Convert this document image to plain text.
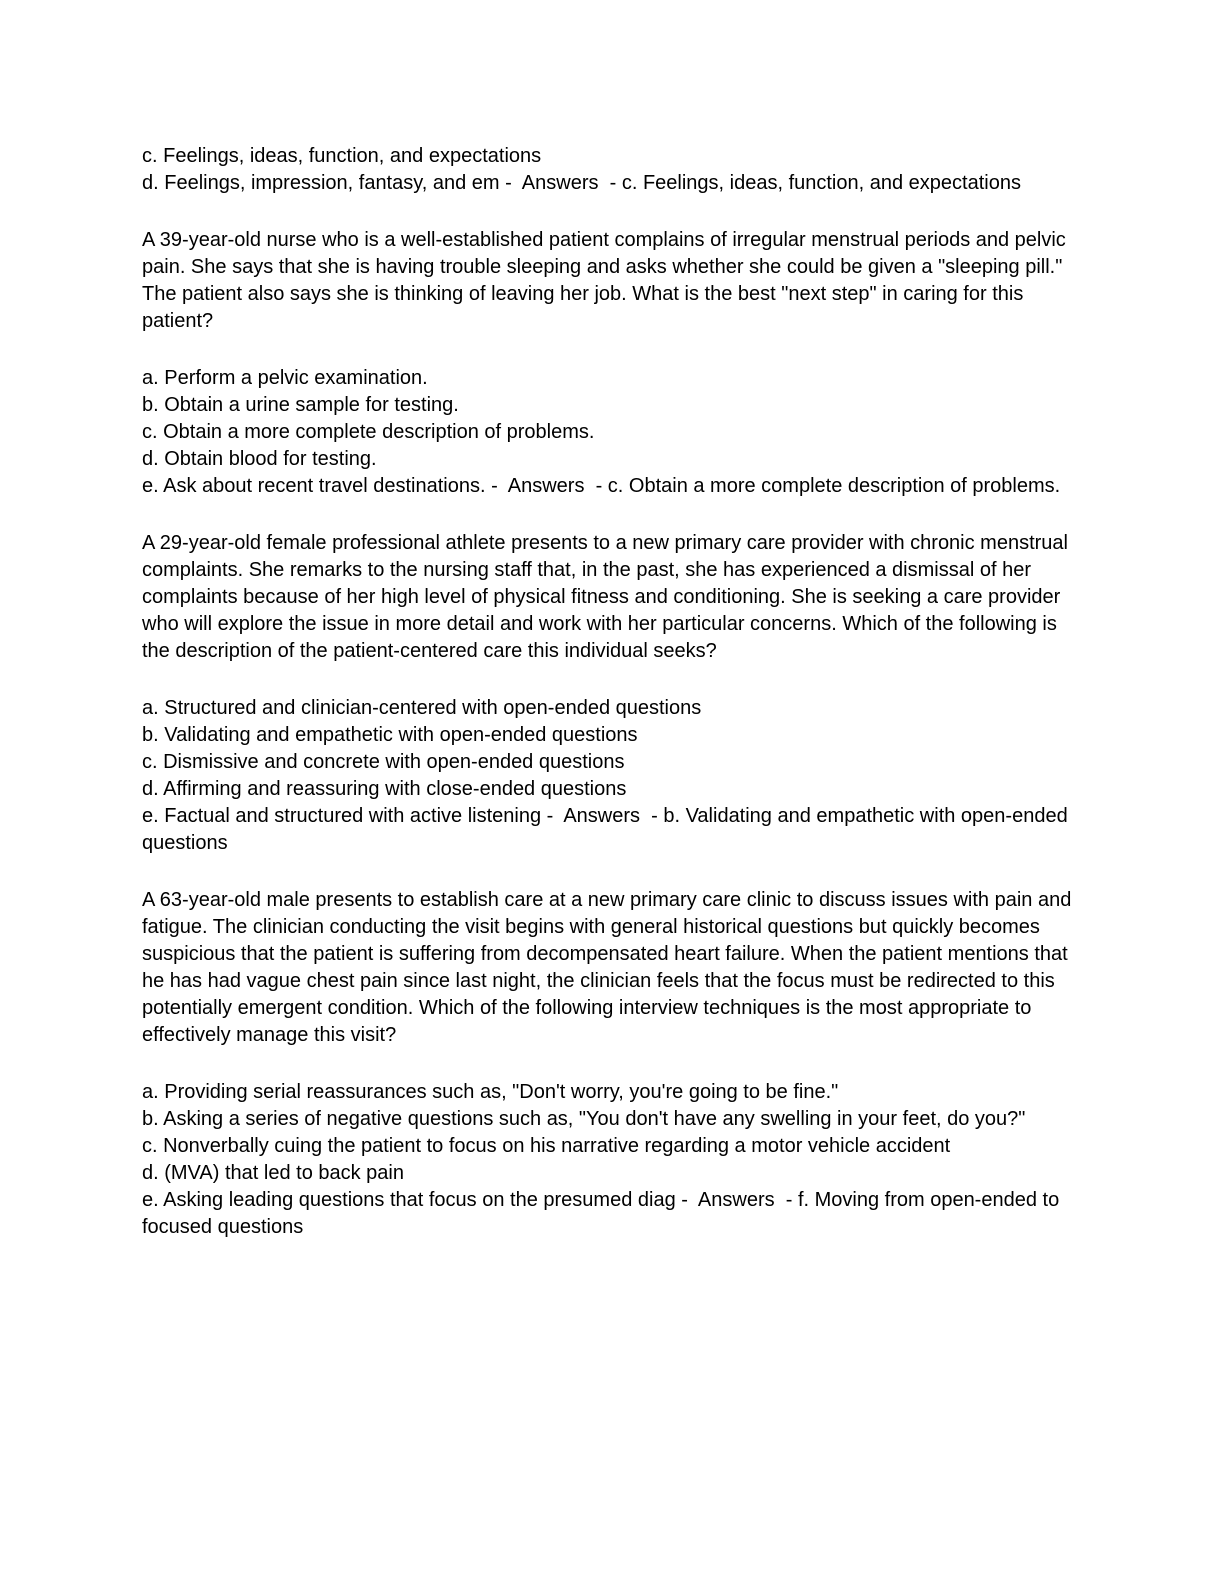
c. Feelings, ideas, function, and expectations
d. Feelings, impression, fantasy, and em -  Answers  - c. Feelings, ideas, function, and expectations
A 39-year-old nurse who is a well-established patient complains of irregular menstrual periods and pelvic pain. She says that she is having trouble sleeping and asks whether she could be given a "sleeping pill." The patient also says she is thinking of leaving her job. What is the best "next step" in caring for this patient?
a. Perform a pelvic examination.
b. Obtain a urine sample for testing.
c. Obtain a more complete description of problems.
d. Obtain blood for testing.
e. Ask about recent travel destinations. -  Answers  - c. Obtain a more complete description of problems.
A 29-year-old female professional athlete presents to a new primary care provider with chronic menstrual complaints. She remarks to the nursing staff that, in the past, she has experienced a dismissal of her complaints because of her high level of physical fitness and conditioning. She is seeking a care provider who will explore the issue in more detail and work with her particular concerns. Which of the following is the description of the patient-centered care this individual seeks?
a. Structured and clinician-centered with open-ended questions
b. Validating and empathetic with open-ended questions
c. Dismissive and concrete with open-ended questions
d. Affirming and reassuring with close-ended questions
e. Factual and structured with active listening -  Answers  - b. Validating and empathetic with open-ended questions
A 63-year-old male presents to establish care at a new primary care clinic to discuss issues with pain and fatigue. The clinician conducting the visit begins with general historical questions but quickly becomes suspicious that the patient is suffering from decompensated heart failure. When the patient mentions that he has had vague chest pain since last night, the clinician feels that the focus must be redirected to this potentially emergent condition. Which of the following interview techniques is the most appropriate to effectively manage this visit?
a. Providing serial reassurances such as, "Don't worry, you're going to be fine."
b. Asking a series of negative questions such as, "You don't have any swelling in your feet, do you?"
c. Nonverbally cuing the patient to focus on his narrative regarding a motor vehicle accident
d. (MVA) that led to back pain
e. Asking leading questions that focus on the presumed diag -  Answers  - f. Moving from open-ended to focused questions
